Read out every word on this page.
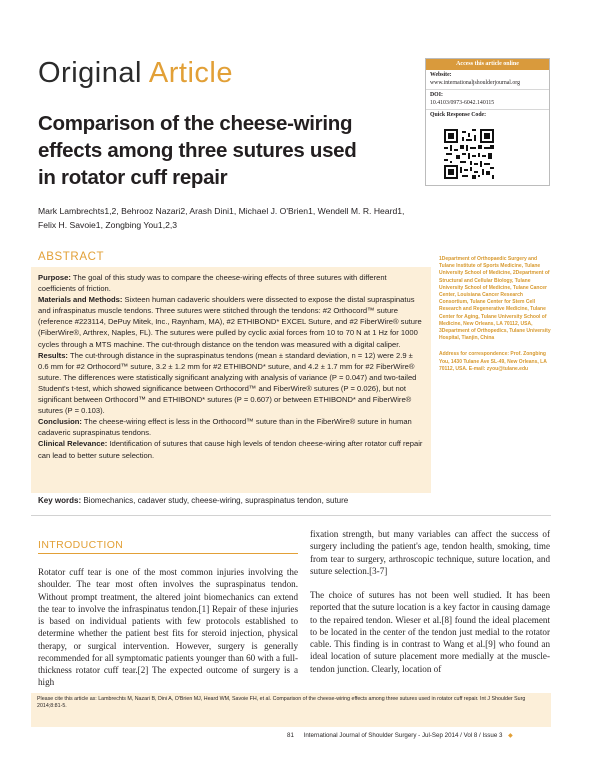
Original Article	Access this article online
Website:
www.internationaljshoulderjournal.org
DOI:
10.4103/0973-6042.140115
Quick Response Code:
Comparison of the cheese-wiring effects among three sutures used in rotator cuff repair
Mark Lambrechts1,2, Behrooz Nazari2, Arash Dini1, Michael J. O'Brien1, Wendell M. R. Heard1, Felix H. Savoie1, Zongbing You1,2,3
ABSTRACT

Purpose: The goal of this study was to compare the cheese-wiring effects of three sutures with different coefficients of friction.

Materials and Methods: Sixteen human cadaveric shoulders were dissected to expose the distal supraspinatus and infraspinatus muscle tendons. Three sutures were stitched through the tendons: #2 Orthocord™ suture (reference #223114, DePuy Mitek, Inc., Raynham, MA), #2 ETHIBOND* EXCEL Suture, and #2 FiberWire® suture (FiberWire®, Arthrex, Naples, FL). The sutures were pulled by cyclic axial forces from 10 to 70 N at 1 Hz for 1000 cycles through a MTS machine. The cut-through distance on the tendon was measured with a digital caliper.

Results: The cut-through distance in the supraspinatus tendons (mean ± standard deviation, n = 12) were 2.9 ± 0.6 mm for #2 Orthocord™ suture, 3.2 ± 1.2 mm for #2 ETHIBOND* suture, and 4.2 ± 1.7 mm for #2 FiberWire® suture. The differences were statistically significant analyzing with analysis of variance (P = 0.047) and two-tailed Student's t-test, which showed significance between Orthocord™ and FiberWire® sutures (P = 0.026), but not significant between Orthocord™ and ETHIBOND* sutures (P = 0.607) or between ETHIBOND* and FiberWire® sutures (P = 0.103).

Conclusion: The cheese-wiring effect is less in the Orthocord™ suture than in the FiberWire® suture in human cadaveric supraspinatus tendons.

Clinical Relevance: Identification of sutures that cause high levels of tendon cheese-wiring after rotator cuff repair can lead to better suture selection.

1Department of Orthopaedic Surgery and Tulane Institute of Sports Medicine, Tulane University School of Medicine, 2Department of Structural and Cellular Biology, Tulane University School of Medicine, Tulane Cancer Center, Louisiana Cancer Research Consortium, Tulane Center for Stem Cell Research and Regenerative Medicine, Tulane Center for Aging, Tulane University School of Medicine, New Orleans, LA 70112, USA, 3Department of Orthopedics, Tulane University Hospital, Tianjin, China

Address for correspondence: Prof. Zongbing You, 1430 Tulane Ave SL-49, New Orleans, LA 70112, USA. E-mail: zyou@tulane.edu

Key words: Biomechanics, cadaver study, cheese-wiring, supraspinatus tendon, suture
INTRODUCTION
Rotator cuff tear is one of the most common injuries involving the shoulder. The tear most often involves the supraspinatus tendon. Without prompt treatment, the altered joint biomechanics can extend the tear to involve the infraspinatus tendon.[1] Repair of these injuries is based on individual patients with few protocols established to determine whether the patient best fits for steroid injection, physical therapy, or surgical intervention. However, surgery is generally recommended for all symptomatic patients younger than 60 with a full-thickness rotator cuff tear.[2] The expected outcome of surgery is a high

fixation strength, but many variables can affect the success of surgery including the patient's age, tendon health, smoking, time from tear to surgery, arthroscopic technique, suture location, and suture selection.[3-7]

The choice of sutures has not been well studied. It has been reported that the suture location is a key factor in causing damage to the repaired tendon. Wieser et al.[8] found the ideal placement to be located in the center of the tendon just medial to the rotator cable. This finding is in contrast to Wang et al.[9] who found an ideal location of suture placement more medially at the muscle-tendon junction. Clearly, location of

Please cite this article as: Lambrechts M, Nazari B, Dini A, O'Brien MJ, Heard WM, Savoie FH, et al. Comparison of the cheese-wiring effects among three sutures used in rotator cuff repair. Int J Shoulder Surg 2014;8:81-5.
81 International Journal of Shoulder Surgery - Jul-Sep 2014 / Vol 8 / Issue 3 ◆
